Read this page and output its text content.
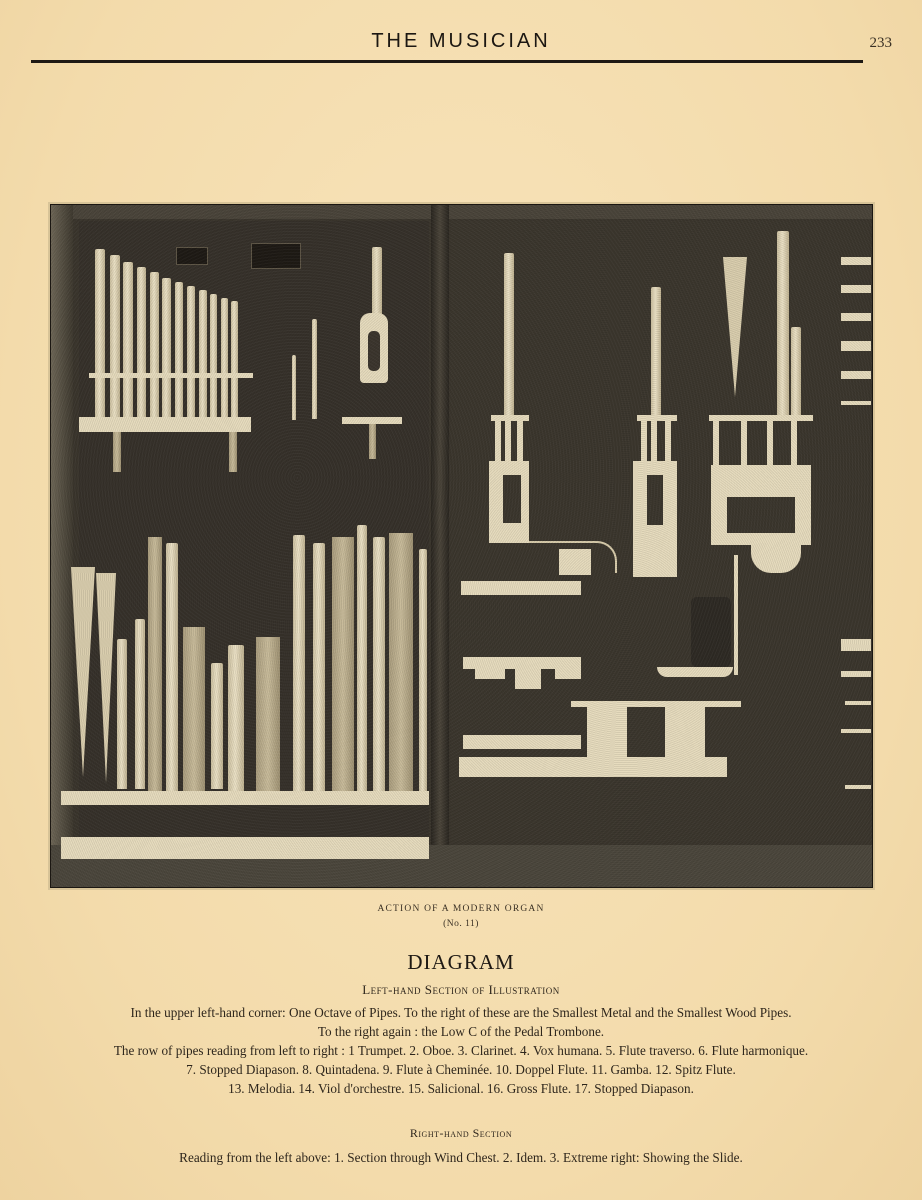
THE MUSICIAN	233
ACTION OF A MODERN ORGAN
(No. 11)
DIAGRAM
Left-hand Section of Illustration
In the upper left-hand corner: One Octave of Pipes. To the right of these are the Smallest Metal and the Smallest Wood Pipes.
To the right again : the Low C of the Pedal Trombone.
The row of pipes reading from left to right : 1 Trumpet. 2. Oboe. 3. Clarinet. 4. Vox humana. 5. Flute traverso. 6. Flute harmonique.
7. Stopped Diapason. 8. Quintadena. 9. Flute à Cheminée. 10. Doppel Flute. 11. Gamba. 12. Spitz Flute.
13. Melodia. 14. Viol d'orchestre. 15. Salicional. 16. Gross Flute. 17. Stopped Diapason.
Right-hand Section
Reading from the left above: 1. Section through Wind Chest. 2. Idem. 3. Extreme right: Showing the Slide.
